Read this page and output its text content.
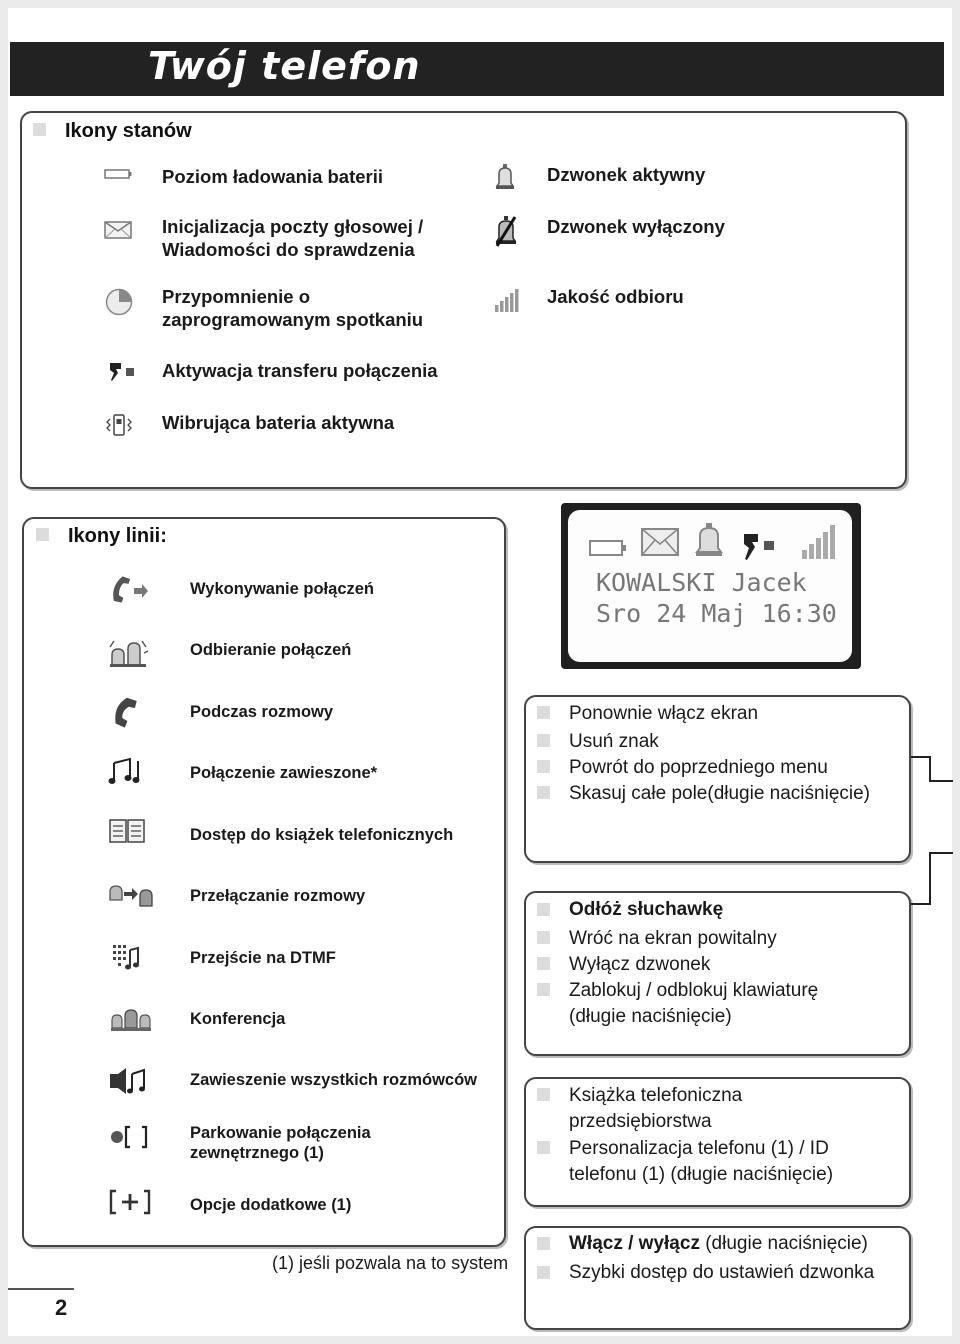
Twój telefon
Ikony stanów
Poziom ładowania baterii
Inicjalizacja poczty głosowej /
Wiadomości do sprawdzenia
Przypomnienie o
zaprogramowanym spotkaniu
Aktywacja transferu połączenia
Wibrująca bateria aktywna
Dzwonek aktywny
Dzwonek wyłączony
Jakość odbioru
Ikony linii:
Wykonywanie połączeń
Odbieranie połączeń
Podczas rozmowy
Połączenie zawieszone*
Dostęp do książek telefonicznych
Przełączanie rozmowy
Przejście na DTMF
Konferencja
Zawieszenie wszystkich rozmówców
Parkowanie połączenia
zewnętrznego (1)
Opcje dodatkowe (1)
KOWALSKI Jacek
Sro 24 Maj 16:30
Ponownie włącz ekran
Usuń znak
Powrót do poprzedniego menu
Skasuj całe pole(długie naciśnięcie)
Odłóż słuchawkę
Wróć na ekran powitalny
Wyłącz dzwonek
Zablokuj / odblokuj klawiaturę
(długie naciśnięcie)
Książka telefoniczna
przedsiębiorstwa
Personalizacja telefonu (1) / ID
telefonu (1) (długie naciśnięcie)
Włącz / wyłącz (długie naciśnięcie)
Szybki dostęp do ustawień dzwonka
(1) jeśli pozwala na to system
2
